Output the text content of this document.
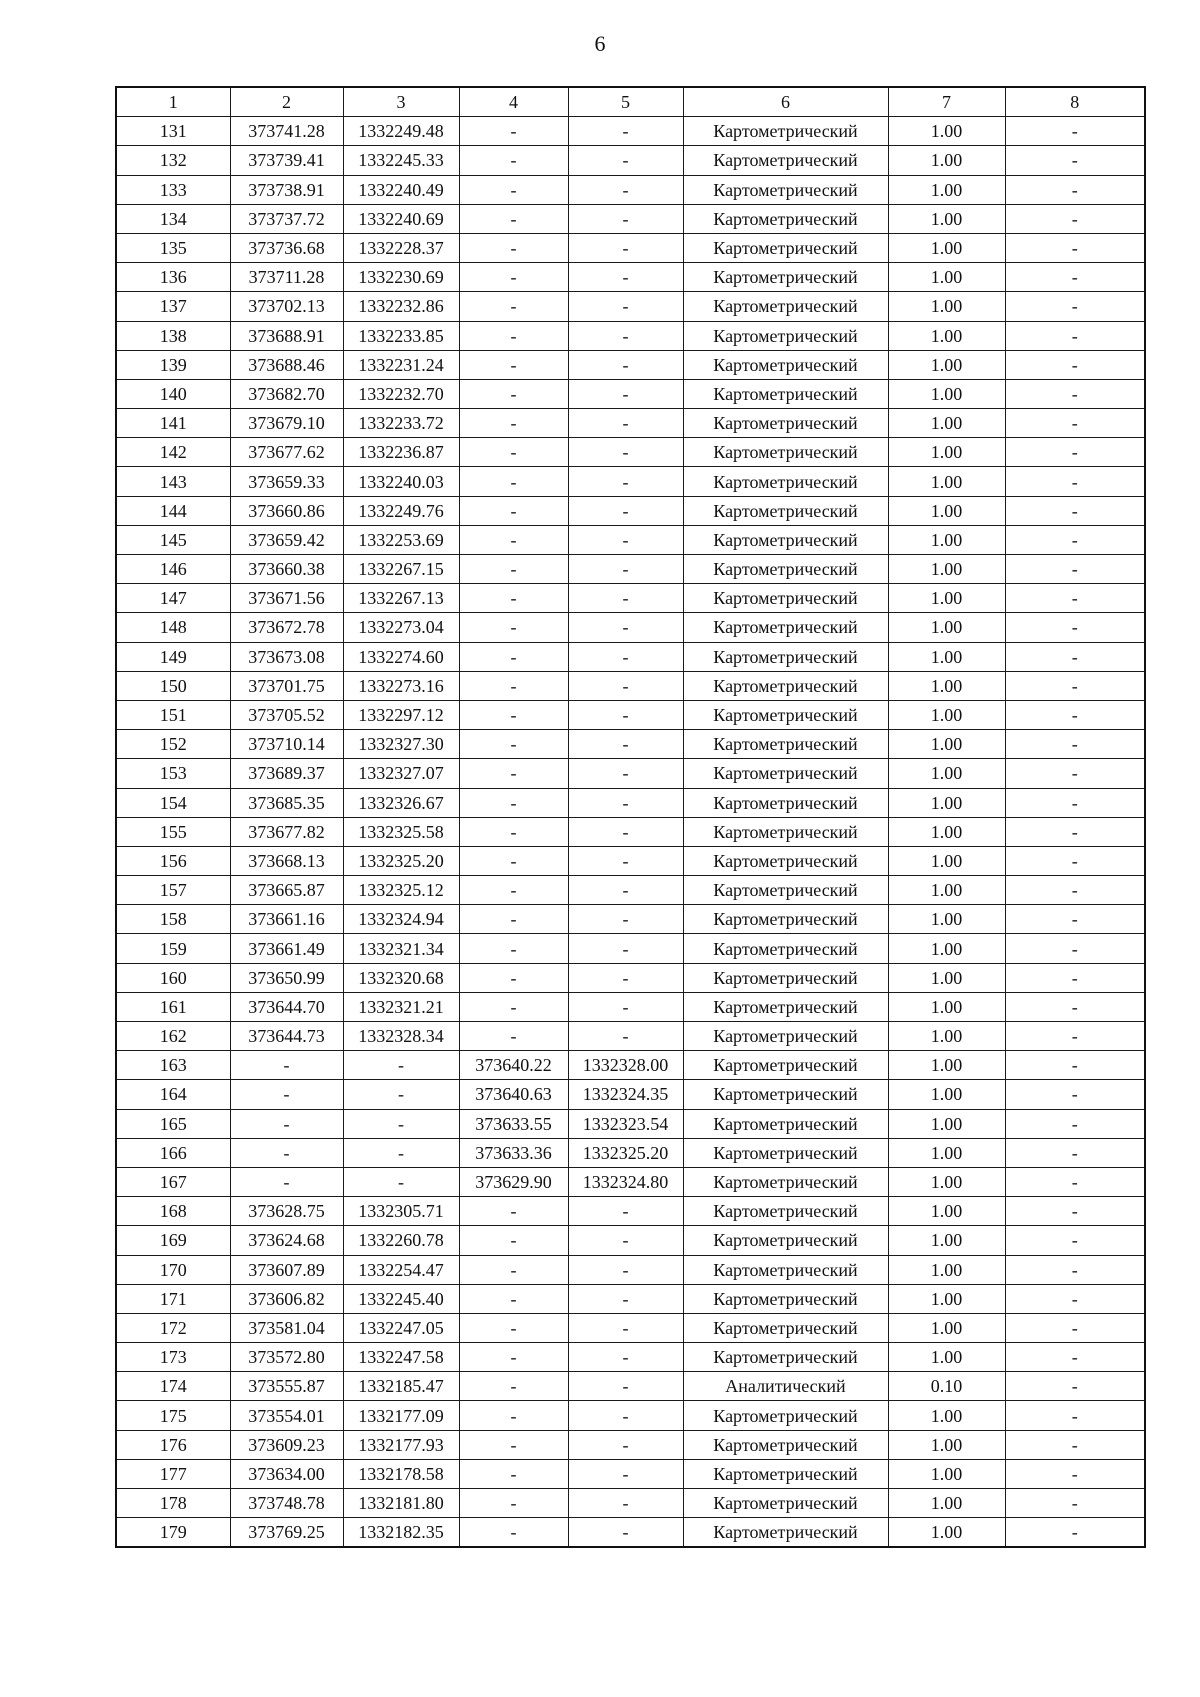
6
1	2	3	4	5	6	7	8
131	373741.28	1332249.48	-	-	Картометрический	1.00	-
132	373739.41	1332245.33	-	-	Картометрический	1.00	-
133	373738.91	1332240.49	-	-	Картометрический	1.00	-
134	373737.72	1332240.69	-	-	Картометрический	1.00	-
135	373736.68	1332228.37	-	-	Картометрический	1.00	-
136	373711.28	1332230.69	-	-	Картометрический	1.00	-
137	373702.13	1332232.86	-	-	Картометрический	1.00	-
138	373688.91	1332233.85	-	-	Картометрический	1.00	-
139	373688.46	1332231.24	-	-	Картометрический	1.00	-
140	373682.70	1332232.70	-	-	Картометрический	1.00	-
141	373679.10	1332233.72	-	-	Картометрический	1.00	-
142	373677.62	1332236.87	-	-	Картометрический	1.00	-
143	373659.33	1332240.03	-	-	Картометрический	1.00	-
144	373660.86	1332249.76	-	-	Картометрический	1.00	-
145	373659.42	1332253.69	-	-	Картометрический	1.00	-
146	373660.38	1332267.15	-	-	Картометрический	1.00	-
147	373671.56	1332267.13	-	-	Картометрический	1.00	-
148	373672.78	1332273.04	-	-	Картометрический	1.00	-
149	373673.08	1332274.60	-	-	Картометрический	1.00	-
150	373701.75	1332273.16	-	-	Картометрический	1.00	-
151	373705.52	1332297.12	-	-	Картометрический	1.00	-
152	373710.14	1332327.30	-	-	Картометрический	1.00	-
153	373689.37	1332327.07	-	-	Картометрический	1.00	-
154	373685.35	1332326.67	-	-	Картометрический	1.00	-
155	373677.82	1332325.58	-	-	Картометрический	1.00	-
156	373668.13	1332325.20	-	-	Картометрический	1.00	-
157	373665.87	1332325.12	-	-	Картометрический	1.00	-
158	373661.16	1332324.94	-	-	Картометрический	1.00	-
159	373661.49	1332321.34	-	-	Картометрический	1.00	-
160	373650.99	1332320.68	-	-	Картометрический	1.00	-
161	373644.70	1332321.21	-	-	Картометрический	1.00	-
162	373644.73	1332328.34	-	-	Картометрический	1.00	-
163	-	-	373640.22	1332328.00	Картометрический	1.00	-
164	-	-	373640.63	1332324.35	Картометрический	1.00	-
165	-	-	373633.55	1332323.54	Картометрический	1.00	-
166	-	-	373633.36	1332325.20	Картометрический	1.00	-
167	-	-	373629.90	1332324.80	Картометрический	1.00	-
168	373628.75	1332305.71	-	-	Картометрический	1.00	-
169	373624.68	1332260.78	-	-	Картометрический	1.00	-
170	373607.89	1332254.47	-	-	Картометрический	1.00	-
171	373606.82	1332245.40	-	-	Картометрический	1.00	-
172	373581.04	1332247.05	-	-	Картометрический	1.00	-
173	373572.80	1332247.58	-	-	Картометрический	1.00	-
174	373555.87	1332185.47	-	-	Аналитический	0.10	-
175	373554.01	1332177.09	-	-	Картометрический	1.00	-
176	373609.23	1332177.93	-	-	Картометрический	1.00	-
177	373634.00	1332178.58	-	-	Картометрический	1.00	-
178	373748.78	1332181.80	-	-	Картометрический	1.00	-
179	373769.25	1332182.35	-	-	Картометрический	1.00	-
